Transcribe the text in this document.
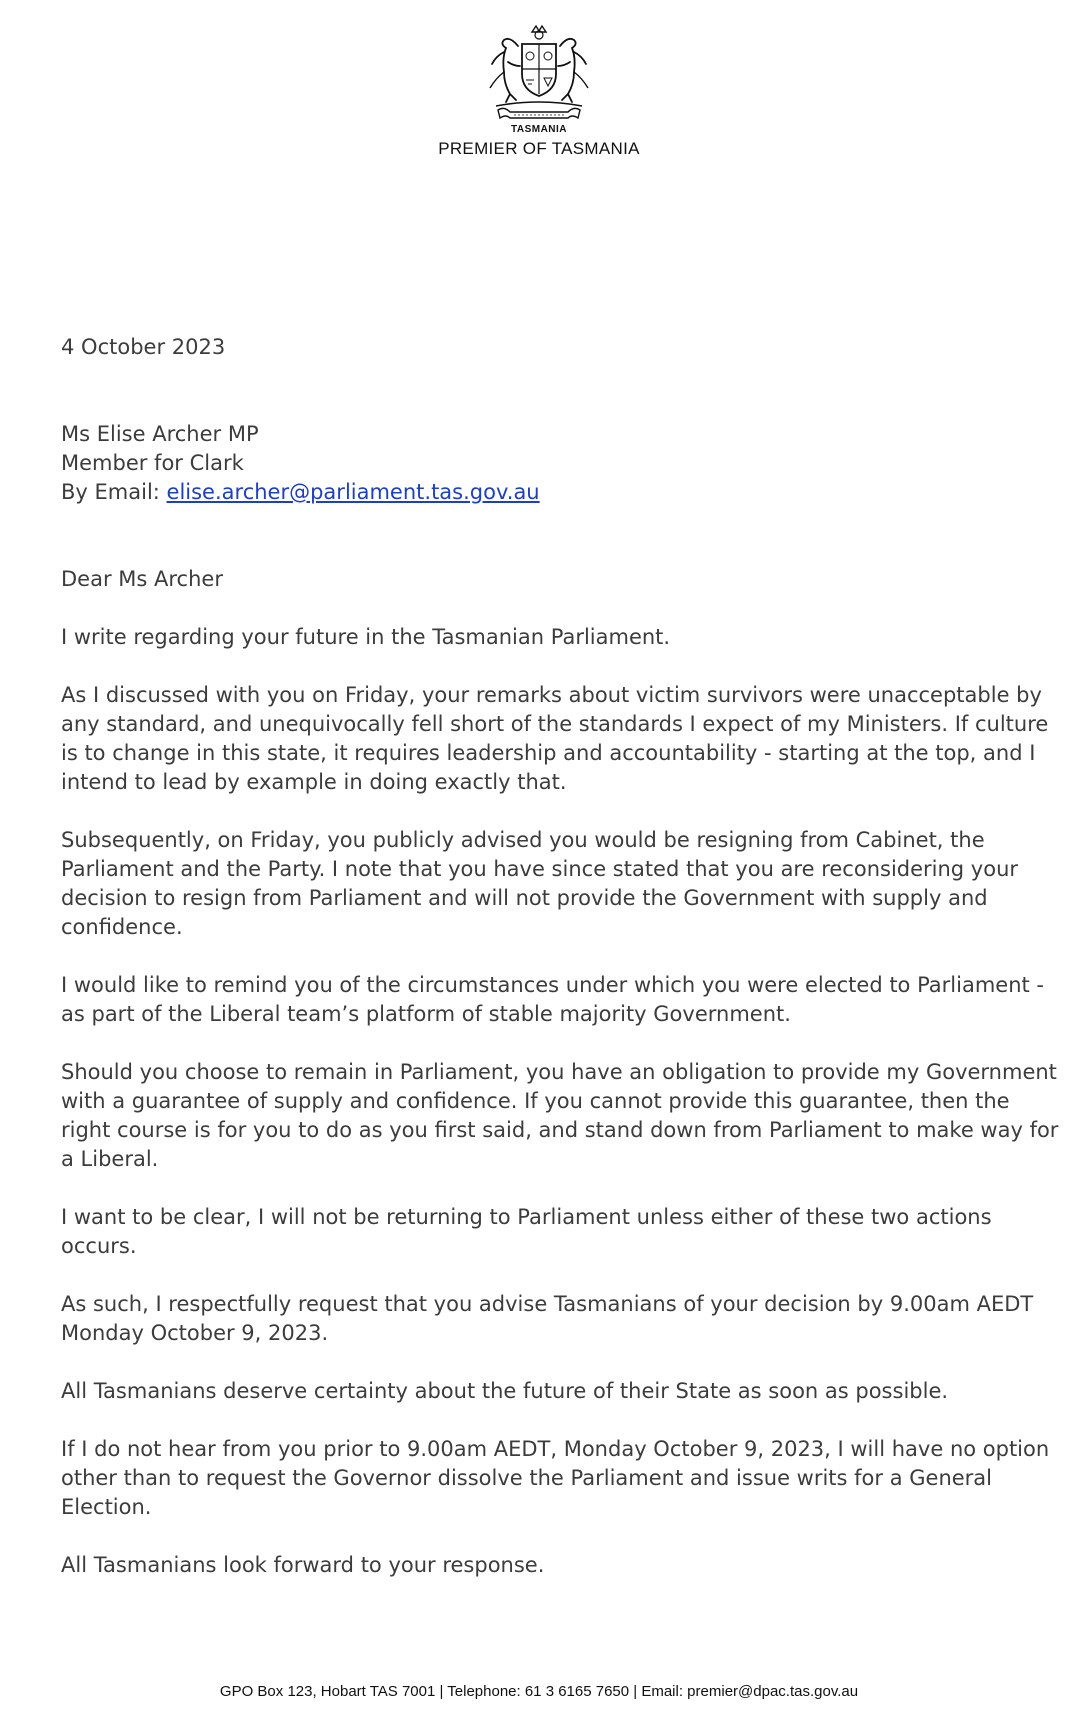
TASMANIA
PREMIER OF TASMANIA

4 October 2023

Ms Elise Archer MP
Member for Clark
By Email: elise.archer@parliament.tas.gov.au

Dear Ms Archer

I write regarding your future in the Tasmanian Parliament.

As I discussed with you on Friday, your remarks about victim survivors were unacceptable by any standard, and unequivocally fell short of the standards I expect of my Ministers. If culture is to change in this state, it requires leadership and accountability - starting at the top, and I intend to lead by example in doing exactly that.

Subsequently, on Friday, you publicly advised you would be resigning from Cabinet, the Parliament and the Party. I note that you have since stated that you are reconsidering your decision to resign from Parliament and will not provide the Government with supply and confidence.

I would like to remind you of the circumstances under which you were elected to Parliament - as part of the Liberal team’s platform of stable majority Government.

Should you choose to remain in Parliament, you have an obligation to provide my Government with a guarantee of supply and confidence. If you cannot provide this guarantee, then the right course is for you to do as you first said, and stand down from Parliament to make way for a Liberal.

I want to be clear, I will not be returning to Parliament unless either of these two actions occurs.

As such, I respectfully request that you advise Tasmanians of your decision by 9.00am AEDT Monday October 9, 2023.

All Tasmanians deserve certainty about the future of their State as soon as possible.

If I do not hear from you prior to 9.00am AEDT, Monday October 9, 2023, I will have no option other than to request the Governor dissolve the Parliament and issue writs for a General Election.

All Tasmanians look forward to your response.

GPO Box 123, Hobart TAS 7001 | Telephone: 61 3 6165 7650 | Email: premier@dpac.tas.gov.au
